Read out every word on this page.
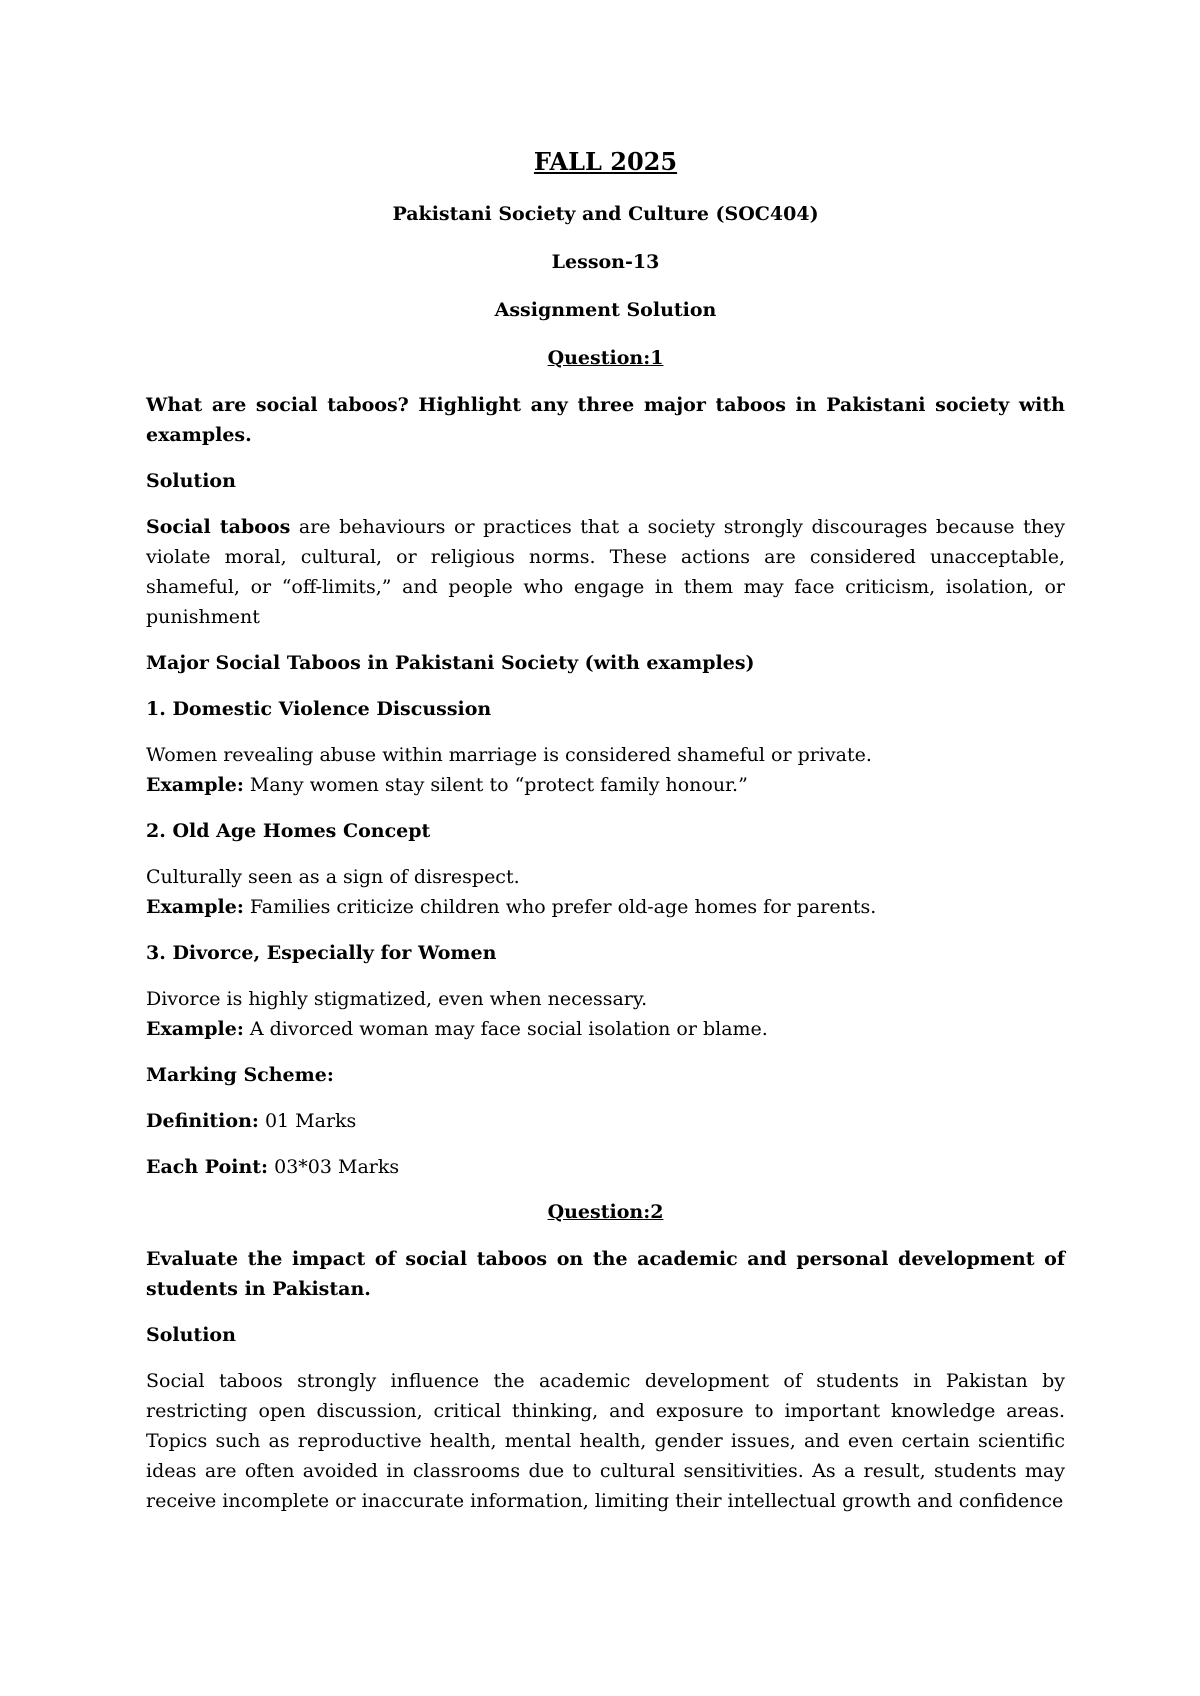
FALL 2025
Pakistani Society and Culture (SOC404)
Lesson-13
Assignment Solution
Question:1
What are social taboos? Highlight any three major taboos in Pakistani society with examples.
Solution
Social taboos are behaviours or practices that a society strongly discourages because they violate moral, cultural, or religious norms. These actions are considered unacceptable, shameful, or “off-limits,” and people who engage in them may face criticism, isolation, or punishment
Major Social Taboos in Pakistani Society (with examples)
1. Domestic Violence Discussion
Women revealing abuse within marriage is considered shameful or private.
Example: Many women stay silent to “protect family honour.”
2. Old Age Homes Concept
Culturally seen as a sign of disrespect.
Example: Families criticize children who prefer old-age homes for parents.
3. Divorce, Especially for Women
Divorce is highly stigmatized, even when necessary.
Example: A divorced woman may face social isolation or blame.
Marking Scheme:
Definition: 01 Marks
Each Point: 03*03 Marks
Question:2
Evaluate the impact of social taboos on the academic and personal development of students in Pakistan.
Solution
Social taboos strongly influence the academic development of students in Pakistan by restricting open discussion, critical thinking, and exposure to important knowledge areas. Topics such as reproductive health, mental health, gender issues, and even certain scientific ideas are often avoided in classrooms due to cultural sensitivities. As a result, students may receive incomplete or inaccurate information, limiting their intellectual growth and confidence
